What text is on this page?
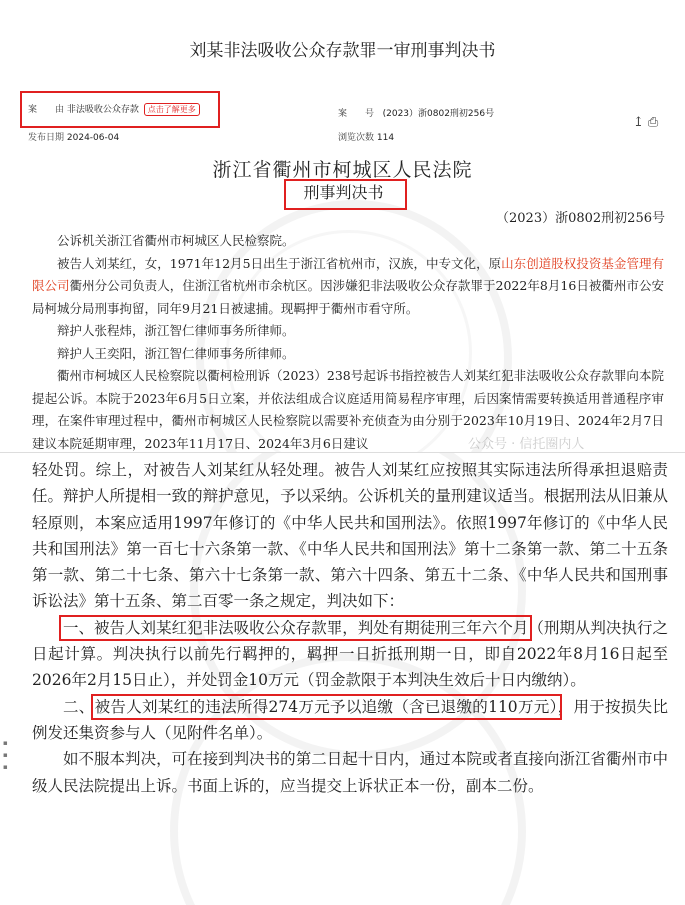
刘某非法吸收公众存款罪一审刑事判决书
案　　由 非法吸收公众存款 点击了解更多	案　　号 (2023）浙0802刑初256号
发布日期 2024-06-04	浏览次数 114
↥ ⎙
浙江省衢州市柯城区人民法院
刑事判决书
（2023）浙0802刑初256号

公诉机关浙江省衢州市柯城区人民检察院。

被告人刘某红，女，1971年12月5日出生于浙江省杭州市，汉族，中专文化，原山东创道股权投资基金管理有限公司衢州分公司负责人，住浙江省杭州市余杭区。因涉嫌犯非法吸收公众存款罪于2022年8月16日被衢州市公安局柯城分局刑事拘留，同年9月21日被逮捕。现羁押于衢州市看守所。

辩护人张程炜，浙江智仁律师事务所律师。

辩护人王奕阳，浙江智仁律师事务所律师。

衢州市柯城区人民检察院以衢柯检刑诉（2023）238号起诉书指控被告人刘某红犯非法吸收公众存款罪向本院提起公诉。本院于2023年6月5日立案，并依法组成合议庭适用简易程序审理，后因案情需要转换适用普通程序审理，在案件审理过程中，衢州市柯城区人民检察院以需要补充侦查为由分别于2023年10月19日、2024年2月7日建议本院延期审理，2023年11月17日、2024年3月6日建议	公众号 · 信托圈内人
▪
▪
▪

轻处罚。综上，对被告人刘某红从轻处理。被告人刘某红应按照其实际违法所得承担退赔责任。辩护人所提相一致的辩护意见，予以采纳。公诉机关的量刑建议适当。根据刑法从旧兼从轻原则，本案应适用1997年修订的《中华人民共和国刑法》。依照1997年修订的《中华人民共和国刑法》第一百七十六条第一款、《中华人民共和国刑法》第十二条第一款、第二十五条第一款、第二十七条、第六十七条第一款、第六十四条、第五十二条、《中华人民共和国刑事诉讼法》第十五条、第二百零一条之规定，判决如下：

一、被告人刘某红犯非法吸收公众存款罪，判处有期徒刑三年六个月（刑期从判决执行之日起计算。判决执行以前先行羁押的，羁押一日折抵刑期一日，即自2022年8月16日起至2026年2月15日止），并处罚金10万元（罚金款限于本判决生效后十日内缴纳）。

二、被告人刘某红的违法所得274万元予以追缴（含已退缴的110万元），用于按损失比例发还集资参与人（见附件名单）。

如不服本判决，可在接到判决书的第二日起十日内，通过本院或者直接向浙江省衢州市中级人民法院提出上诉。书面上诉的，应当提交上诉状正本一份，副本二份。
